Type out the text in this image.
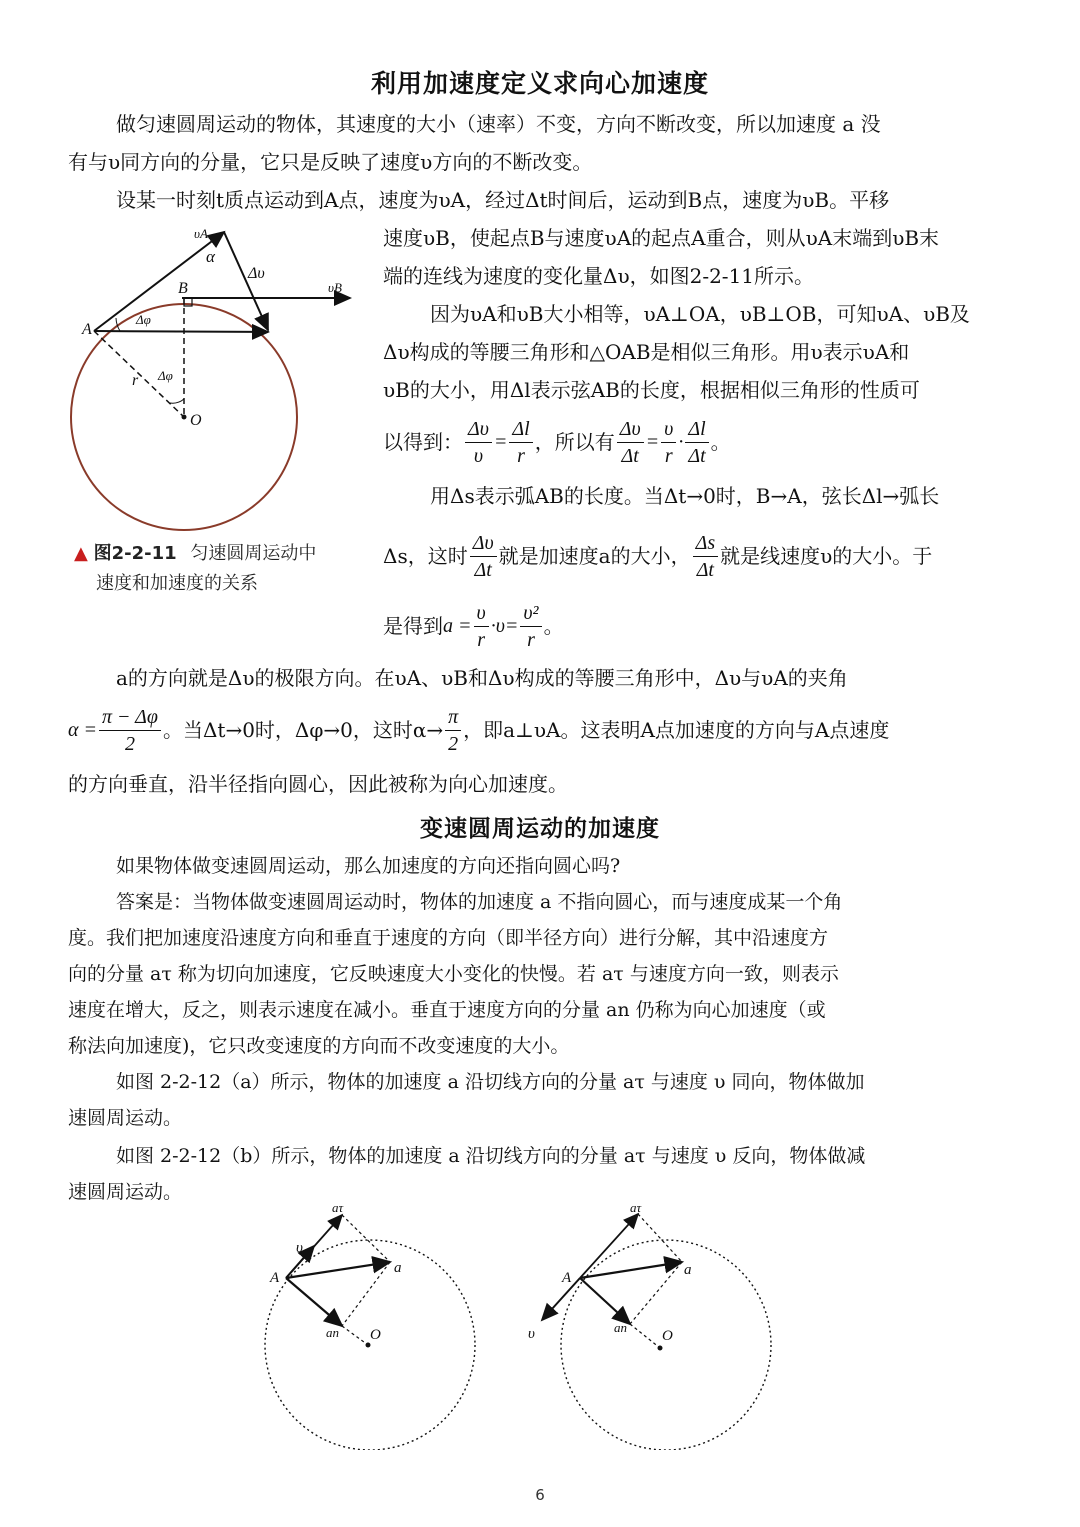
利用加速度定义求向心加速度
做匀速圆周运动的物体，其速度的大小（速率）不变，方向不断改变，所以加速度 a 没
有与υ同方向的分量，它只是反映了速度υ方向的不断改变。
设某一时刻t质点运动到A点，速度为υA，经过Δt时间后，运动到B点，速度为υB。平移
速度υB，使起点B与速度υA的起点A重合，则从υA末端到υB末
端的连线为速度的变化量Δυ，如图2-2-11所示。
因为υA和υB大小相等，υA⊥OA，υB⊥OB，可知υA、υB及
Δυ构成的等腰三角形和△OAB是相似三角形。用υ表示υA和
υB的大小，用Δl表示弦AB的长度，根据相似三角形的性质可
以得到： $\frac{\Delta\upsilon}{\upsilon} = \frac{\Delta l}{r}$ ，所以有 $\frac{\Delta\upsilon}{\Delta t} = \frac{\upsilon}{r} \cdot \frac{\Delta l}{\Delta t}$ 。
用Δs表示弧AB的长度。当Δt→0时，B→A，弦长Δl→弧长
Δs，这时 $\frac{\Delta\upsilon}{\Delta t}$ 就是加速度a的大小， $\frac{\Delta s}{\Delta t}$ 就是线速度υ的大小。于
是得到 $a = \frac{\upsilon}{r} \cdot \upsilon = \frac{\text{υ²}}{r}$ 。
a的方向就是Δυ的极限方向。在υA、υB和Δυ构成的等腰三角形中，Δυ与υA的夹角
$\alpha = \frac{\pi - \Delta\varphi}{2}$ 。当Δt→0时，Δφ→0，这时$\alpha\to \frac{\pi}{2}$ ，即a⊥υA。这表明A点加速度的方向与A点速度
的方向垂直，沿半径指向圆心，因此被称为向心加速度。
υA
α
Δυ
B	υB
A
Δφ
r Δφ
O
▲ 图2-2-11 匀速圆周运动中
速度和加速度的关系
变速圆周运动的加速度
如果物体做变速圆周运动，那么加速度的方向还指向圆心吗?
答案是：当物体做变速圆周运动时，物体的加速度 a 不指向圆心，而与速度成某一个角
度。我们把加速度沿速度方向和垂直于速度的方向（即半径方向）进行分解，其中沿速度方
向的分量 aτ 称为切向加速度，它反映速度大小变化的快慢。若 aτ 与速度方向一致，则表示
速度在增大，反之，则表示速度在减小。垂直于速度方向的分量 an 仍称为向心加速度（或
称法向加速度)，它只改变速度的方向而不改变速度的大小。
如图 2-2-12（a）所示，物体的加速度 a 沿切线方向的分量 aτ 与速度 υ 同向，物体做加
速圆周运动。
如图 2-2-12（b）所示，物体的加速度 a 沿切线方向的分量 aτ 与速度 υ 反向，物体做减
速圆周运动。
aτ
υ
A
a
an O
aτ
A	a
υ	an
O
6
